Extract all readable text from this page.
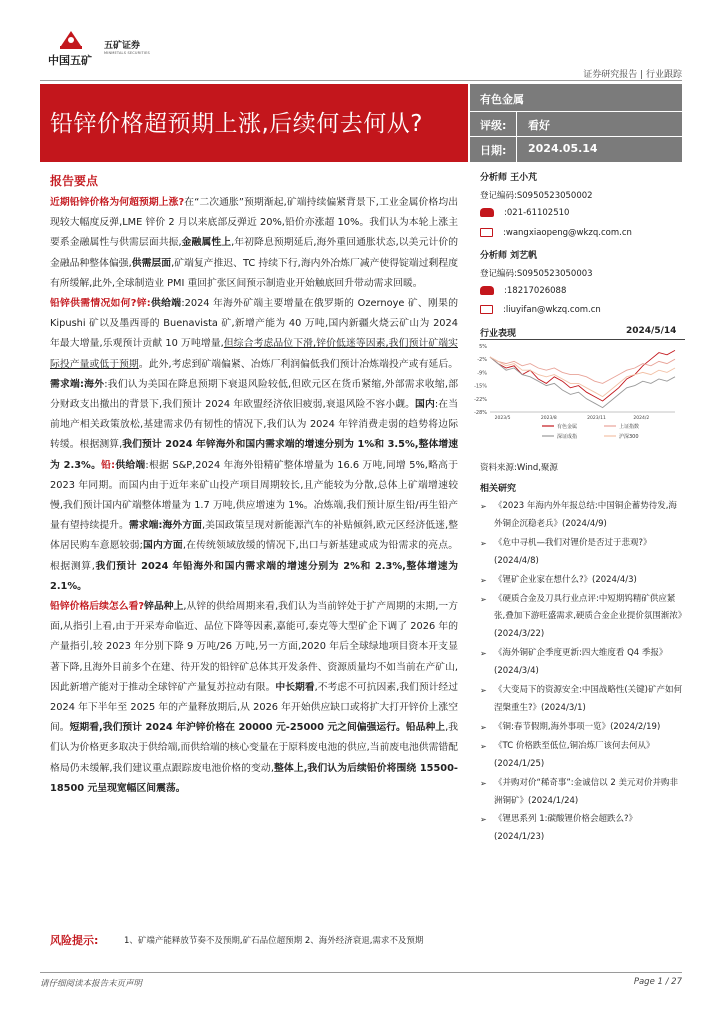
中国五矿
五矿证券
MINMETALS SECURITIES
证券研究报告 | 行业跟踪
铅锌价格超预期上涨,后续何去何从?
有色金属
评级: 看好
日期: 2024.05.14
报告要点

近期铅锌价格为何超预期上涨?在“二次通胀”预期渐起,矿端持续偏紧背景下,工业金属价格均出现较大幅度反弹,LME 锌价 2 月以来底部反弹近 20%,铅价亦涨超 10%。我们认为本轮上涨主要系金融属性与供需层面共振,金融属性上,年初降息预期延后,海外重回通胀状态,以美元计价的金融品种整体偏强,供需层面,矿端复产推迟、TC 持续下行,海内外冶炼厂减产使得锭端过剩程度有所缓解,此外,全球制造业 PMI 重回扩张区间预示制造业开始触底回升带动需求回暖。

铅锌供需情况如何?锌:供给端:2024 年海外矿端主要增量在俄罗斯的 Ozernoye 矿、刚果的 Kipushi 矿以及墨西哥的 Buenavista 矿,新增产能为 40 万吨,国内新疆火烧云矿山为 2024 年最大增量,乐观预计贡献 10 万吨增量,但综合考虑品位下滑,锌价低迷等因素,我们预计矿端实际投产量或低于预期。此外,考虑到矿端偏紧、冶炼厂利润偏低我们预计冶炼端投产或有延后。需求端:海外:我们认为美国在降息预期下衰退风险较低,但欧元区在货币紧缩,外部需求收缩,部分财政支出撤出的背景下,我们预计 2024 年欧盟经济依旧疲弱,衰退风险不容小觑。国内:在当前地产相关政策放松,基建需求仍有韧性的情况下,我们认为 2024 年锌消费走弱的趋势将边际转缓。根据测算,我们预计 2024 年锌海外和国内需求端的增速分别为 1%和 3.5%,整体增速为 2.3%。铅:供给端:根据 S&P,2024 年海外铅精矿整体增量为 16.6 万吨,同增 5%,略高于 2023 年同期。而国内由于近年来矿山投产项目周期较长,且产能较为分散,总体上矿端增速较慢,我们预计国内矿端整体增量为 1.7 万吨,供应增速为 1%。冶炼端,我们预计原生铅/再生铅产量有望持续提升。需求端:海外方面,美国政策呈现对新能源汽车的补贴倾斜,欧元区经济低迷,整体居民购车意愿较弱;国内方面,在传统领域放缓的情况下,出口与新基建或成为铅需求的亮点。根据测算,我们预计 2024 年铅海外和国内需求端的增速分别为 2%和 2.3%,整体增速为 2.1%。

铅锌价格后续怎么看?锌品种上,从锌的供给周期来看,我们认为当前锌处于扩产周期的末期,一方面,从指引上看,由于开采寿命临近、品位下降等因素,嘉能可,泰克等大型矿企下调了 2026 年的产量指引,较 2023 年分别下降 9 万吨/26 万吨,另一方面,2020 年后全球绿地项目资本开支显著下降,且海外目前多个在建、待开发的铅锌矿总体其开发条件、资源质量均不如当前在产矿山,因此新增产能对于推动全球锌矿产量复苏拉动有限。中长期看,不考虑不可抗因素,我们预计经过 2024 年下半年至 2025 年的产量释放期后,从 2026 年开始供应缺口或将扩大打开锌价上涨空间。短期看,我们预计 2024 年沪锌价格在 20000 元-25000 元之间偏强运行。铅品种上,我们认为价格更多取决于供给端,而供给端的核心变量在于原料废电池的供应,当前废电池供需错配格局仍未缓解,我们建议重点跟踪废电池价格的变动,整体上,我们认为后续铅价将围绕 15500-18500 元呈现宽幅区间震荡。

分析师 王小芃
登记编码:S0950523050002
:021-61102510
:wangxiaopeng@wkzq.com.cn
分析师 刘艺帆
登记编码:S0950523050003
:18217026088
:liuyifan@wkzq.com.cn
行业表现	2024/5/14
5%
-2%
-9%
-15%
-22%
-28%
2023/5	2023/8	2023/11	2024/2
有色金属	上证指数
深证成指	沪深300
资料来源:Wind,聚源
相关研究
➢ 《2023 年海内外年报总结:中国铜企蓄势待发,海外铜企沉稳老兵》(2024/4/9)
➢ 《危中寻机—我们对锂价是否过于悲观?》(2024/4/8)
➢ 《锂矿企业家在想什么?》(2024/4/3)
➢ 《硬质合金及刀具行业点评:中短期钨精矿供应紧张,叠加下游旺盛需求,硬质合金企业提价氛围渐浓》(2024/3/22)
➢ 《海外铜矿企季度更新:四大维度看 Q4 季报》(2024/3/4)
➢ 《大变局下的资源安全:中国战略性(关键)矿产如何涅槃重生?》(2024/3/1)
➢ 《铜:春节假期,海外事项一览》(2024/2/19)
➢ 《TC 价格跌至低位,铜冶炼厂该何去何从》(2024/1/25)
➢ 《并购对价“稀奇事”:金诚信以 2 美元对价并购非洲铜矿》(2024/1/24)
➢ 《锂思系列 1:碳酸锂价格会超跌么?》(2024/1/23)
风险提示:	1、矿端产能释放节奏不及预期,矿石品位超预期 2、海外经济衰退,需求不及预期
请仔细阅读本报告末页声明	Page 1 / 27
